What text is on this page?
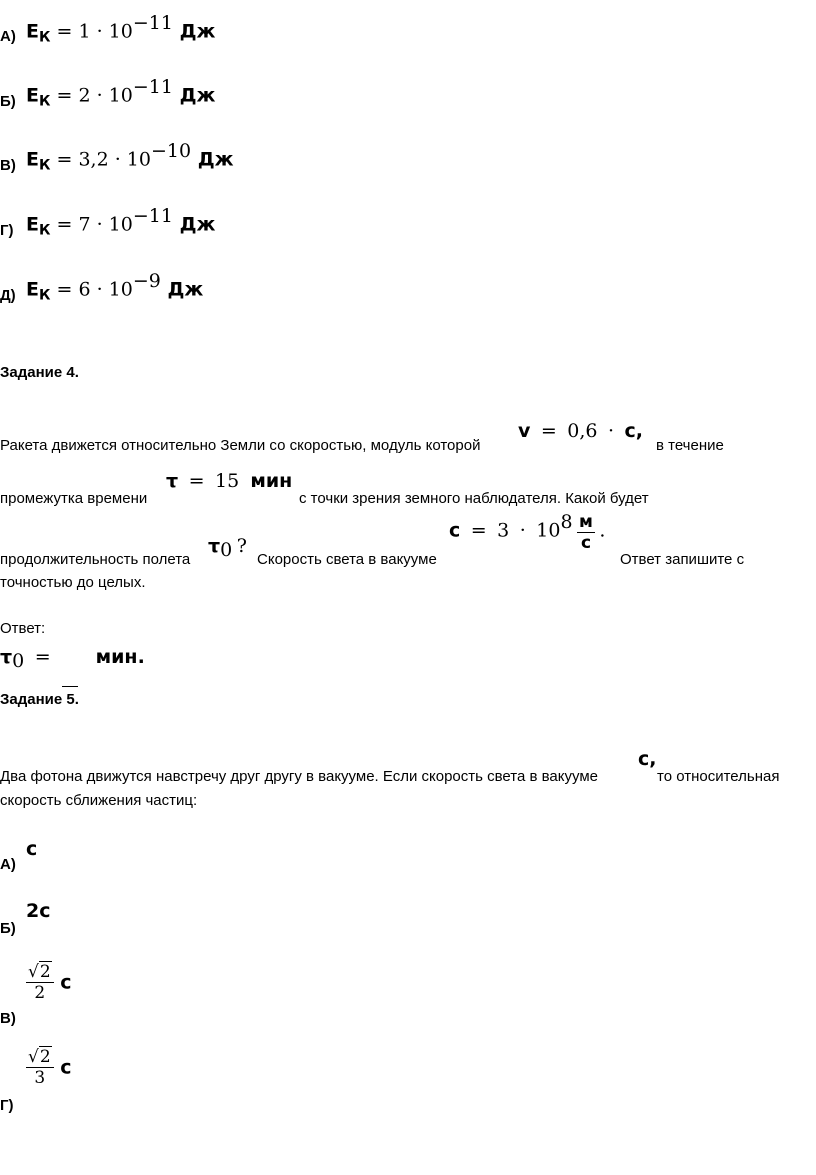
А) $E_К = 1 \cdot 10^{-11}$ Дж
Б) $E_К = 2 \cdot 10^{-11}$ Дж
В) $E_К = 3,2 \cdot 10^{-10}$ Дж
Г) $E_К = 7 \cdot 10^{-11}$ Дж
Д) $E_К = 6 \cdot 10^{-9}$ Дж
Задание 4.
Ракета движется относительно Земли со скоростью, модуль которой
v  =  0,6  ·  с,
в течение
промежутка времени
τ  =  15 мин
с точки зрения земного наблюдателя. Какой будет
продолжительность полета
$\tau_0$ ?
Скорость света в вакууме
$с = 3 \cdot 10^8 \frac{м}{с}$ .
Ответ запишите с
точностью до целых.
Ответ:
$\tau_0$  =   мин.
Задание 5.
Два фотона движутся навстречу друг другу в вакууме. Если скорость света в вакууме
с,
то относительная
скорость сближения частиц:
А)
с
Б)
2с
В)
$\frac{√2}{2}$ с
Г)
$\frac{√2}{3}$ с
